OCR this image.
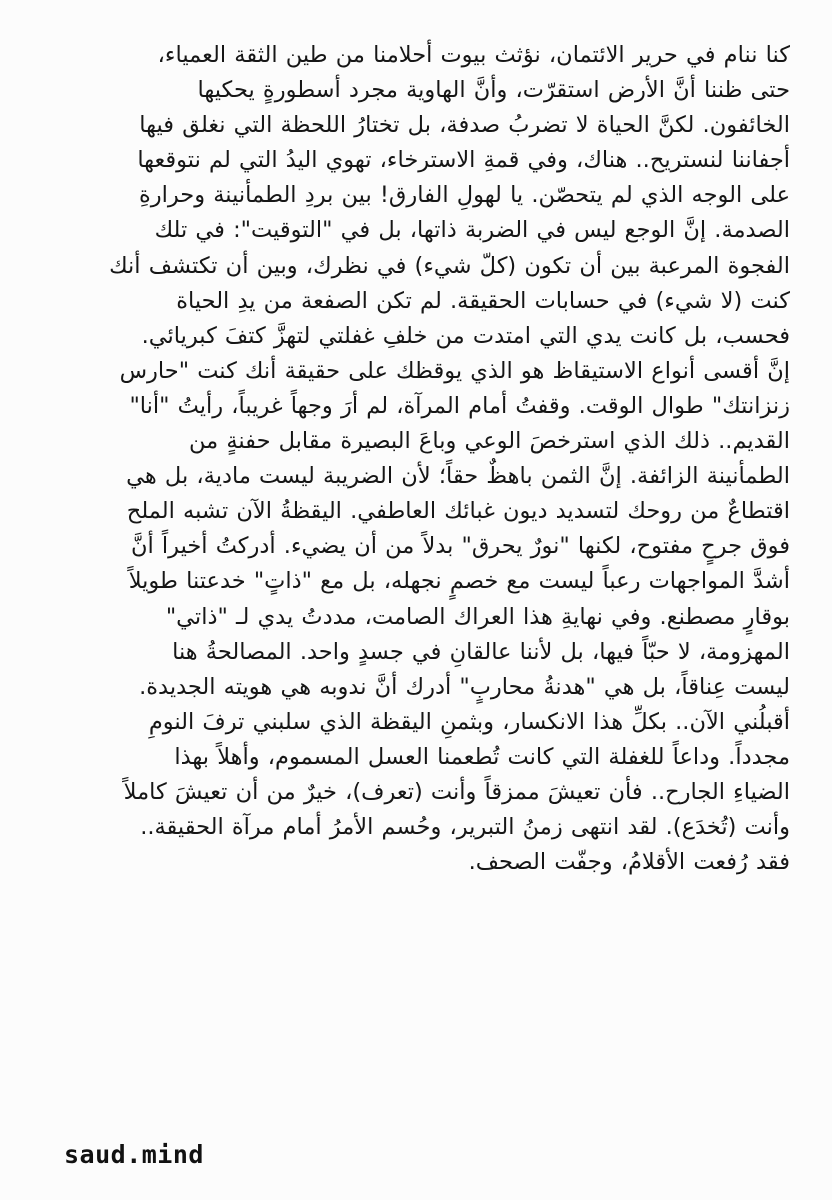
كنا ننام في حرير الائتمان، نؤثث بيوت أحلامنا من طين الثقة العمياء،
حتى ظننا أنَّ الأرض استقرّت، وأنَّ الهاوية مجرد أسطورةٍ يحكيها
الخائفون. لكنَّ الحياة لا تضربُ صدفة، بل تختارُ اللحظة التي نغلق فيها
أجفاننا لنستريح.. هناك، وفي قمةِ الاسترخاء، تهوي اليدُ التي لم نتوقعها
على الوجه الذي لم يتحصّن. يا لهولِ الفارق! بين بردِ الطمأنينة وحرارةِ
الصدمة. إنَّ الوجع ليس في الضربة ذاتها، بل في "التوقيت": في تلك
الفجوة المرعبة بين أن تكون (كلّ شيء) في نظرك، وبين أن تكتشف أنك
كنت (لا شيء) في حسابات الحقيقة. لم تكن الصفعة من يدِ الحياة
فحسب، بل كانت يدي التي امتدت من خلفِ غفلتي لتهزَّ كتفَ كبريائي.
إنَّ أقسى أنواع الاستيقاظ هو الذي يوقظك على حقيقة أنك كنت "حارس
زنزانتك" طوال الوقت. وقفتُ أمام المرآة، لم أرَ وجهاً غريباً، رأيتُ "أنا"
القديم.. ذلك الذي استرخصَ الوعي وباعَ البصيرة مقابل حفنةٍ من
الطمأنينة الزائفة. إنَّ الثمن باهظٌ حقاً؛ لأن الضريبة ليست مادية، بل هي
اقتطاعٌ من روحك لتسديد ديون غبائك العاطفي. اليقظةُ الآن تشبه الملح
فوق جرحٍ مفتوح، لكنها "نورٌ يحرق" بدلاً من أن يضيء. أدركتُ أخيراً أنَّ
أشدَّ المواجهات رعباً ليست مع خصمٍ نجهله، بل مع "ذاتٍ" خدعتنا طويلاً
بوقارٍ مصطنع. وفي نهايةِ هذا العراك الصامت، مددتُ يدي لـ "ذاتي"
المهزومة، لا حبّاً فيها، بل لأننا عالقانِ في جسدٍ واحد. المصالحةُ هنا
ليست عِناقاً، بل هي "هدنةُ محاربٍ" أدرك أنَّ ندوبه هي هويته الجديدة.
أقبلُني الآن.. بكلِّ هذا الانكسار، وبثمنِ اليقظة الذي سلبني ترفَ النومِ
مجدداً. وداعاً للغفلة التي كانت تُطعمنا العسل المسموم، وأهلاً بهذا
الضياءِ الجارح.. فأن تعيشَ ممزقاً وأنت (تعرف)، خيرٌ من أن تعيشَ كاملاً
وأنت (تُخدَع). لقد انتهى زمنُ التبرير، وحُسم الأمرُ أمام مرآة الحقيقة..
فقد رُفعت الأقلامُ، وجفّت الصحف.
saud.mind
